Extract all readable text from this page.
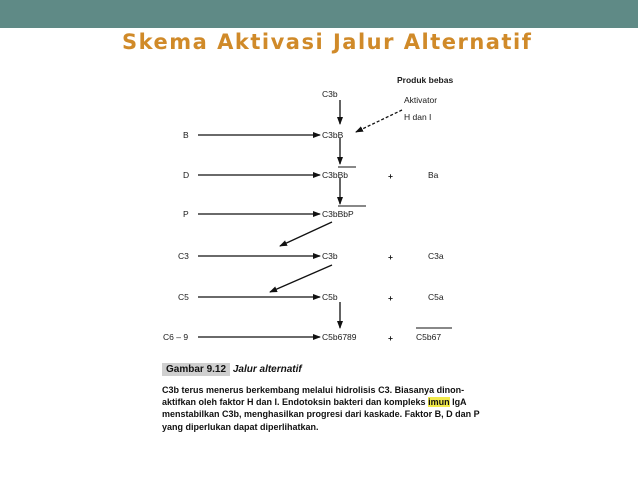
Skema Aktivasi Jalur Alternatif
Produk bebas
Aktivator
H dan I
C3b
B	C3bB
D	C3bBb	+	Ba
P	C3bBbP
C3	C3b	+	C3a
C5	C5b	+	C5a
C6 – 9	C5b6789	+	C5b67
Gambar 9.12 Jalur alternatif

C3b terus menerus berkembang melalui hidrolisis C3. Biasanya dinon-aktifkan oleh faktor H dan I. Endotoksin bakteri dan kompleks imun IgA menstabilkan C3b, menghasilkan progresi dari kaskade. Faktor B, D dan P yang diperlukan dapat diperlihatkan.
